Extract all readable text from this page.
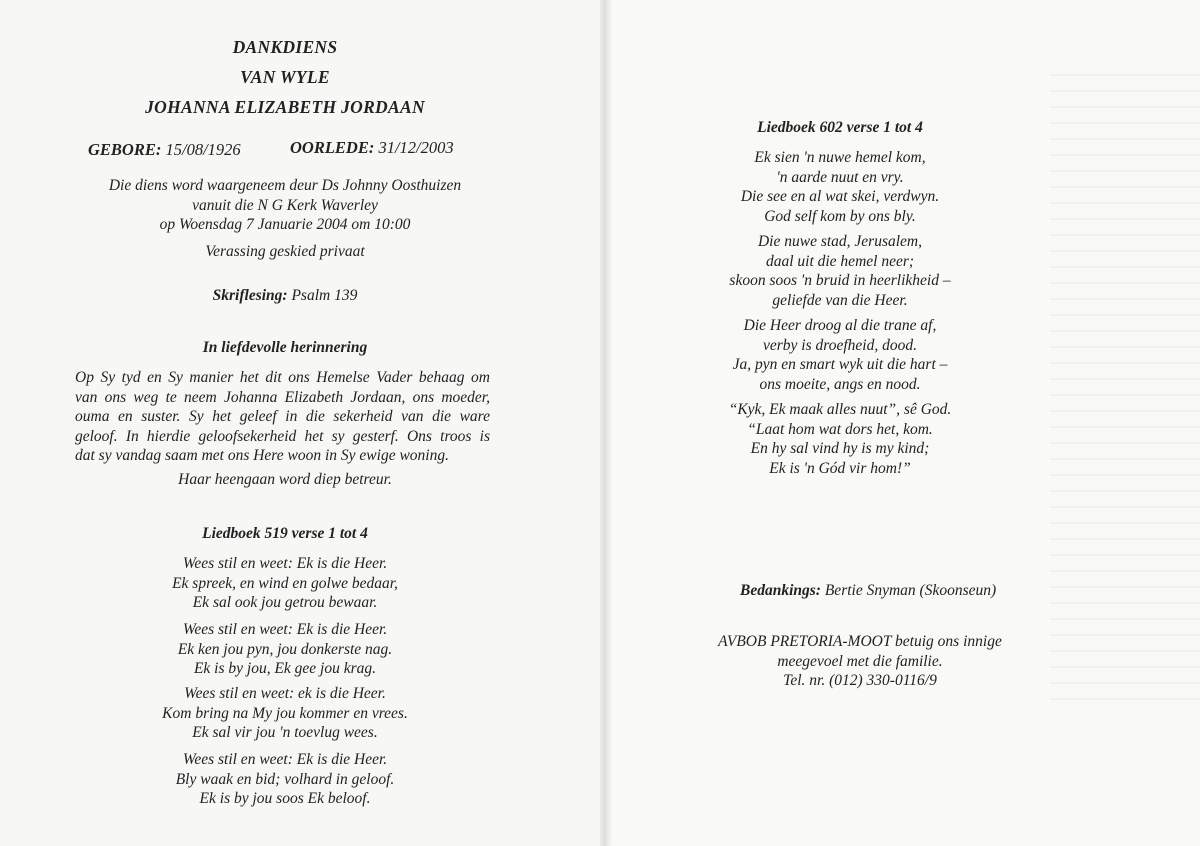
DANKDIENS
VAN WYLE
JOHANNA ELIZABETH JORDAAN
GEBORE: 15/08/1926	OORLEDE: 31/12/2003
Die diens word waargeneem deur Ds Johnny Oosthuizen
vanuit die N G Kerk Waverley
op Woensdag 7 Januarie 2004 om 10:00
Verassing geskied privaat
Skriflesing: Psalm 139
In liefdevolle herinnering
Op Sy tyd en Sy manier het dit ons Hemelse Vader behaag om
van ons weg te neem Johanna Elizabeth Jordaan, ons moeder,
ouma en suster. Sy het geleef in die sekerheid van die ware
geloof. In hierdie geloofsekerheid het sy gesterf. Ons troos is
dat sy vandag saam met ons Here woon in Sy ewige woning.
Haar heengaan word diep betreur.
Liedboek 519 verse 1 tot 4
Wees stil en weet: Ek is die Heer.
Ek spreek, en wind en golwe bedaar,
Ek sal ook jou getrou bewaar.
Wees stil en weet: Ek is die Heer.
Ek ken jou pyn, jou donkerste nag.
Ek is by jou, Ek gee jou krag.
Wees stil en weet: ek is die Heer.
Kom bring na My jou kommer en vrees.
Ek sal vir jou 'n toevlug wees.
Wees stil en weet: Ek is die Heer.
Bly waak en bid; volhard in geloof.
Ek is by jou soos Ek beloof.
Liedboek 602 verse 1 tot 4
Ek sien 'n nuwe hemel kom,
'n aarde nuut en vry.
Die see en al wat skei, verdwyn.
God self kom by ons bly.
Die nuwe stad, Jerusalem,
daal uit die hemel neer;
skoon soos 'n bruid in heerlikheid –
geliefde van die Heer.
Die Heer droog al die trane af,
verby is droefheid, dood.
Ja, pyn en smart wyk uit die hart –
ons moeite, angs en nood.
“Kyk, Ek maak alles nuut”, sê God.
“Laat hom wat dors het, kom.
En hy sal vind hy is my kind;
Ek is 'n Gód vir hom!”
Bedankings: Bertie Snyman (Skoonseun)
AVBOB PRETORIA-MOOT betuig ons innige
meegevoel met die familie.
Tel. nr. (012) 330-0116/9
